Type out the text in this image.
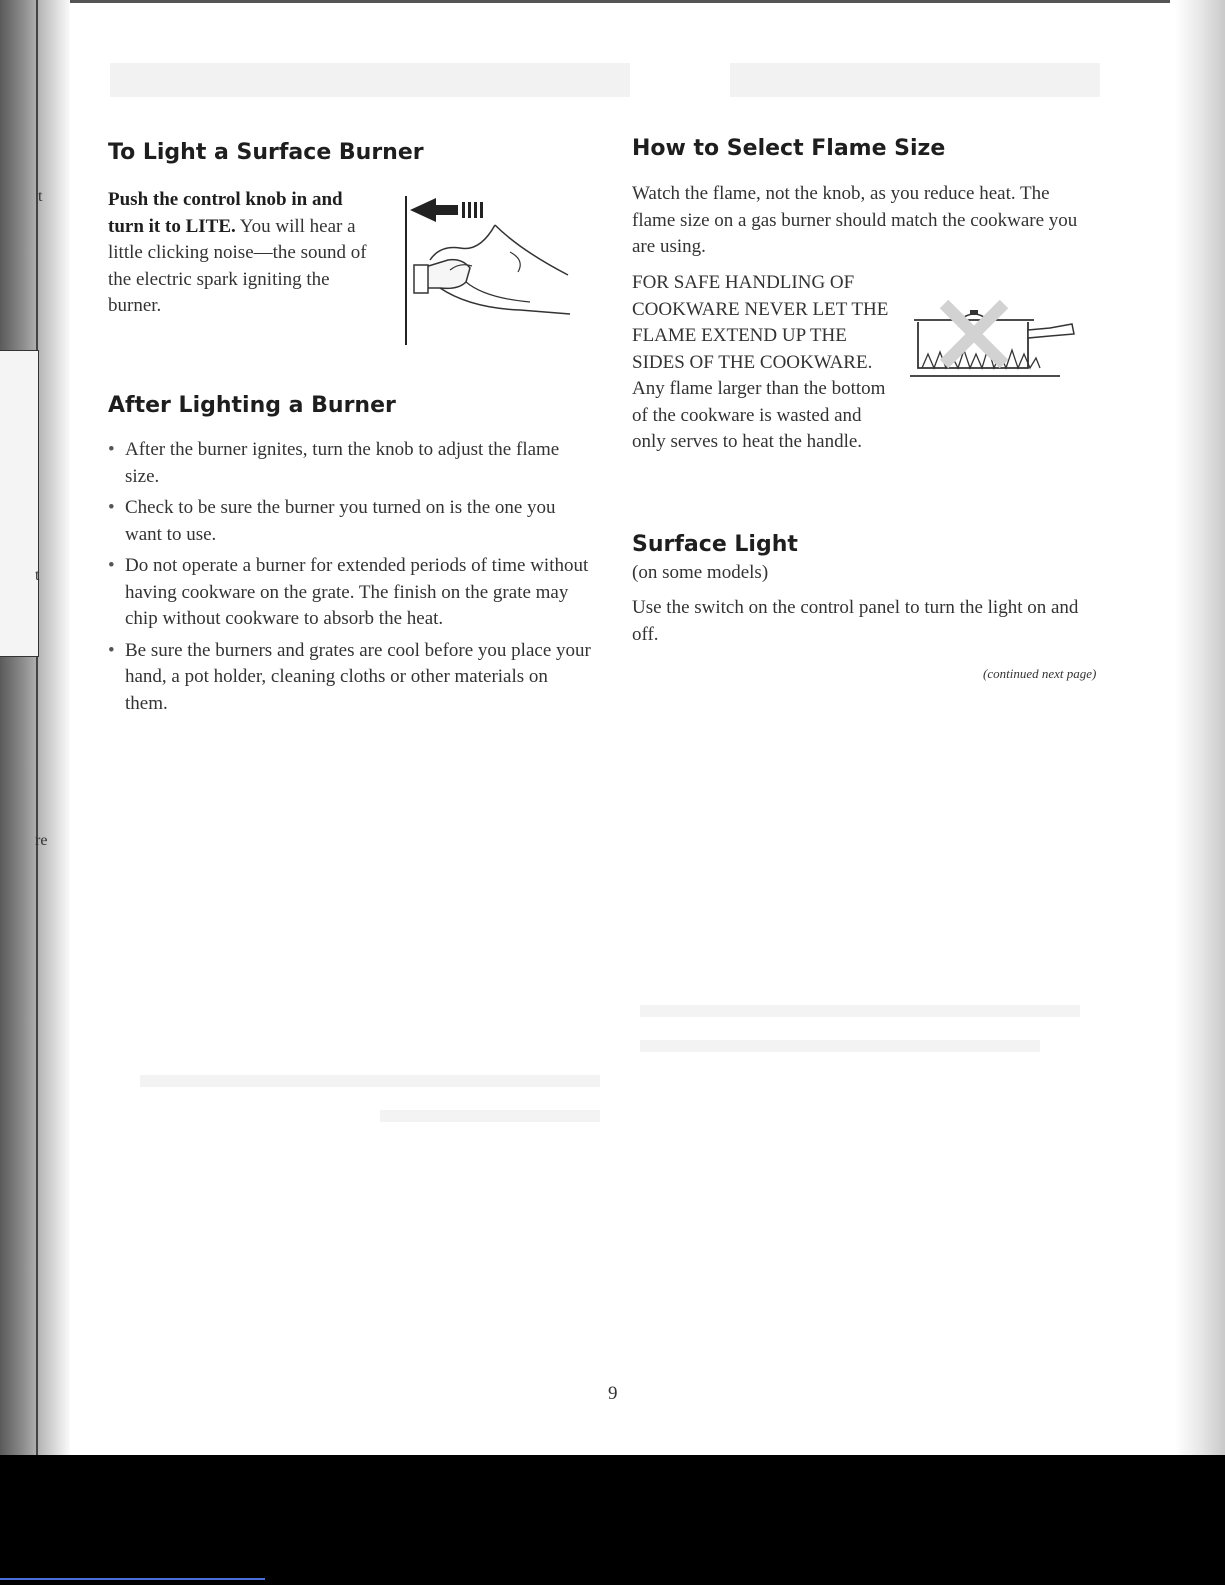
t
t
re
To Light a Surface Burner
Push the control knob in and turn it to LITE. You will hear a little clicking noise—the sound of the electric spark igniting the burner.
After Lighting a Burner
• After the burner ignites, turn the knob to adjust the flame size.
• Check to be sure the burner you turned on is the one you want to use.
• Do not operate a burner for extended periods of time without having cookware on the grate. The finish on the grate may chip without cookware to absorb the heat.
• Be sure the burners and grates are cool before you place your hand, a pot holder, cleaning cloths or other materials on them.
How to Select Flame Size
Watch the flame, not the knob, as you reduce heat. The flame size on a gas burner should match the cookware you are using.
FOR SAFE HANDLING OF COOKWARE NEVER LET THE FLAME EXTEND UP THE SIDES OF THE COOKWARE. Any flame larger than the bottom of the cookware is wasted and only serves to heat the handle.
Surface Light
(on some models)
Use the switch on the control panel to turn the light on and off.
(continued next page)
9
